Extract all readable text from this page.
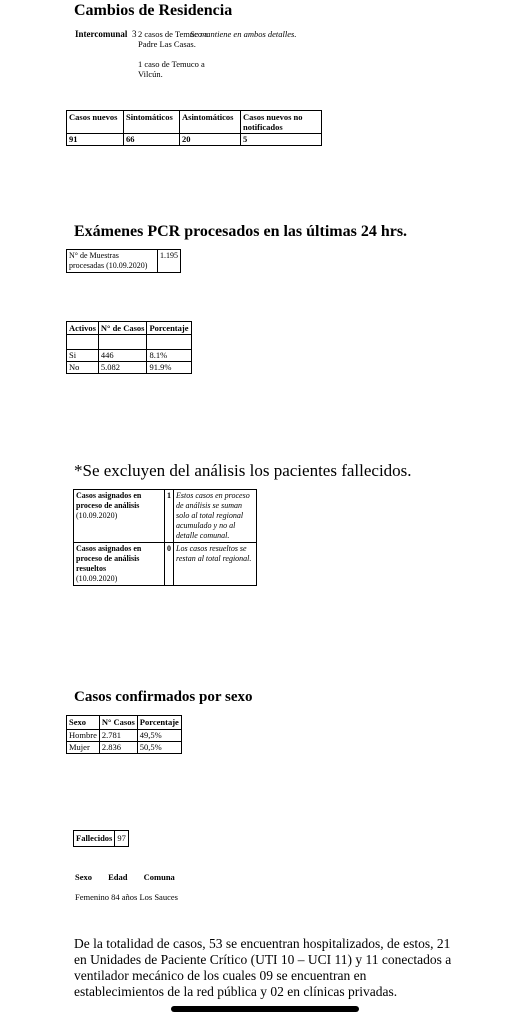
Cambios de Residencia
Intercomunal 3 2 casos de Temuco a Padre Las Casas.

1 caso de Temuco a Vilcún.

Se mantiene en ambos detalles.
Casos nuevos	Sintomáticos	Asintomáticos	Casos nuevos no notificados
91	66	20	5
Exámenes PCR procesados en las últimas 24 hrs.
N° de Muestras procesadas (10.09.2020)	1.195
Activos	N° de Casos	Porcentaje

Si	446	8.1%
No	5.082	91.9%
*Se excluyen del análisis los pacientes fallecidos.
Casos asignados en proceso de análisis
(10.09.2020)	1	Estos casos en proceso de análisis se suman solo al total regional acumulado y no al detalle comunal.

Casos asignados en proceso de análisis resueltos
(10.09.2020)	0	Los casos resueltos se restan al total regional.
Casos confirmados por sexo
Sexo	N° Casos	Porcentaje
Hombre	2.781	49,5%
Mujer	2.836	50,5%
Fallecidos	97
Sexo Edad Comuna
Femenino 84 años Los Sauces
De la totalidad de casos, 53 se encuentran hospitalizados, de estos, 21 en Unidades de Paciente Crítico (UTI 10 – UCI 11) y 11 conectados a ventilador mecánico de los cuales 09 se encuentran en establecimientos de la red pública y 02 en clínicas privadas.
